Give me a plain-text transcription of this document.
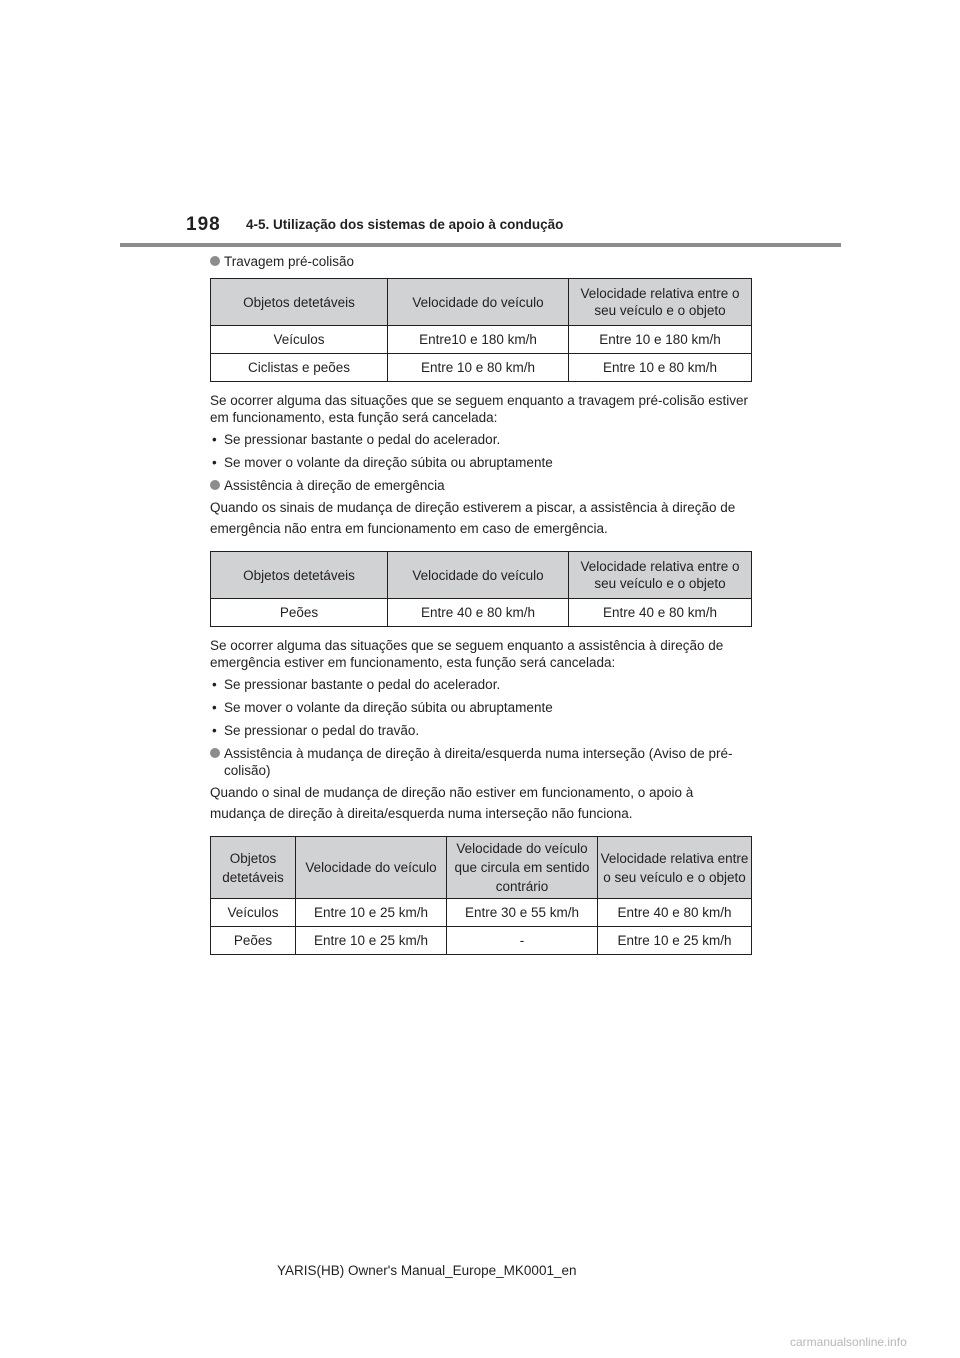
198 4-5. Utilização dos sistemas de apoio à condução
Travagem pré-colisão
Objetos detetáveis	Velocidade do veículo	Velocidade relativa entre o seu veículo e o objeto
Veículos	Entre10 e 180 km/h	Entre 10 e 180 km/h
Ciclistas e peões	Entre 10 e 80 km/h	Entre 10 e 80 km/h

Se ocorrer alguma das situações que se seguem enquanto a travagem pré-colisão estiver em funcionamento, esta função será cancelada:

• Se pressionar bastante o pedal do acelerador.
• Se mover o volante da direção súbita ou abruptamente
Assistência à direção de emergência

Quando os sinais de mudança de direção estiverem a piscar, a assistência à direção de emergência não entra em funcionamento em caso de emergência.

Objetos detetáveis	Velocidade do veículo	Velocidade relativa entre o seu veículo e o objeto
Peões	Entre 40 e 80 km/h	Entre 40 e 80 km/h

Se ocorrer alguma das situações que se seguem enquanto a assistência à direção de emergência estiver em funcionamento, esta função será cancelada:

• Se pressionar bastante o pedal do acelerador.
• Se mover o volante da direção súbita ou abruptamente
• Se pressionar o pedal do travão.
Assistência à mudança de direção à direita/esquerda numa interseção (Aviso de pré-colisão)

Quando o sinal de mudança de direção não estiver em funcionamento, o apoio à mudança de direção à direita/esquerda numa interseção não funciona.

Objetos detetáveis	Velocidade do veículo	Velocidade do veículo que circula em sentido contrário	Velocidade relativa entre o seu veículo e o objeto
Veículos	Entre 10 e 25 km/h	Entre 30 e 55 km/h	Entre 40 e 80 km/h
Peões	Entre 10 e 25 km/h	-	Entre 10 e 25 km/h
YARIS(HB) Owner's Manual_Europe_MK0001_en
carmanualsonline.info
